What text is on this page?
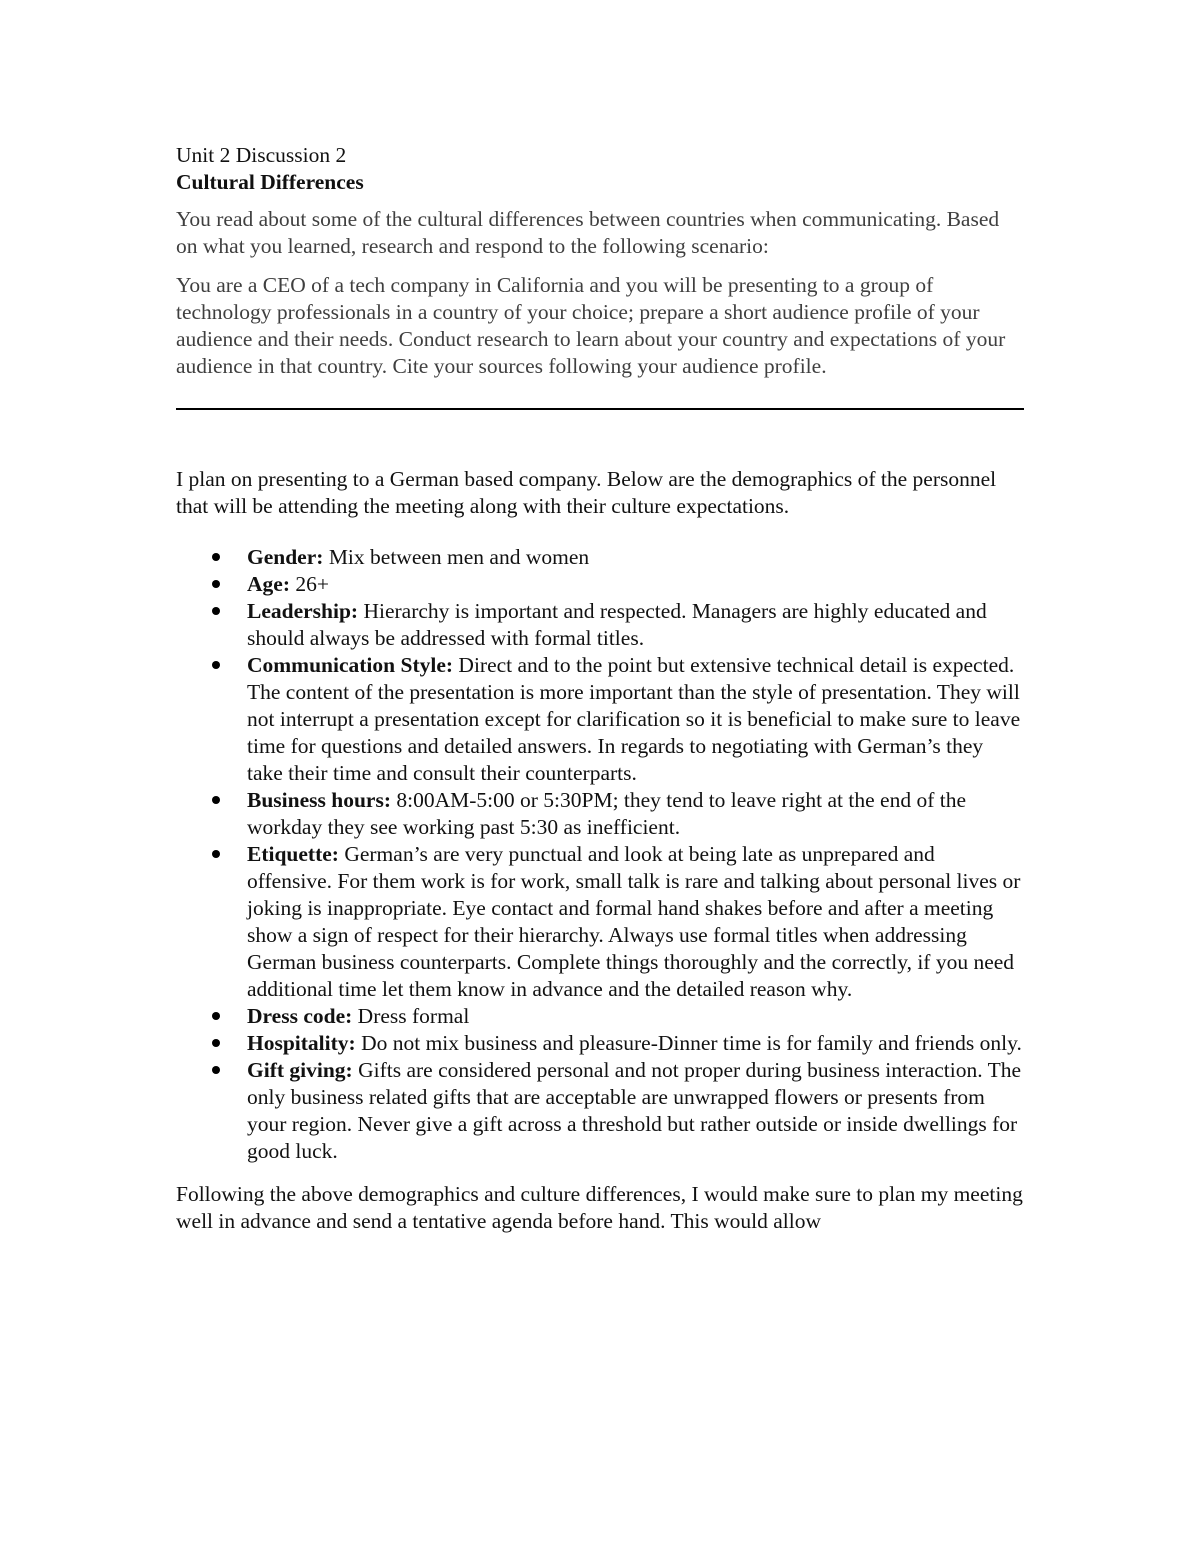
Unit 2 Discussion 2

Cultural Differences

You read about some of the cultural differences between countries when communicating. Based on what you learned, research and respond to the following scenario:

You are a CEO of a tech company in California and you will be presenting to a group of technology professionals in a country of your choice; prepare a short audience profile of your audience and their needs. Conduct research to learn about your country and expectations of your audience in that country. Cite your sources following your audience profile.

I plan on presenting to a German based company. Below are the demographics of the personnel that will be attending the meeting along with their culture expectations.

Gender: Mix between men and women
Age: 26+
Leadership: Hierarchy is important and respected. Managers are highly educated and should always be addressed with formal titles.
Communication Style: Direct and to the point but extensive technical detail is expected. The content of the presentation is more important than the style of presentation. They will not interrupt a presentation except for clarification so it is beneficial to make sure to leave time for questions and detailed answers. In regards to negotiating with German’s they take their time and consult their counterparts.
Business hours: 8:00AM-5:00 or 5:30PM; they tend to leave right at the end of the workday they see working past 5:30 as inefficient.
Etiquette: German’s are very punctual and look at being late as unprepared and offensive. For them work is for work, small talk is rare and talking about personal lives or joking is inappropriate. Eye contact and formal hand shakes before and after a meeting show a sign of respect for their hierarchy. Always use formal titles when addressing German business counterparts. Complete things thoroughly and the correctly, if you need additional time let them know in advance and the detailed reason why.
Dress code: Dress formal
Hospitality: Do not mix business and pleasure-Dinner time is for family and friends only.
Gift giving: Gifts are considered personal and not proper during business interaction. The only business related gifts that are acceptable are unwrapped flowers or presents from your region. Never give a gift across a threshold but rather outside or inside dwellings for good luck.

Following the above demographics and culture differences, I would make sure to plan my meeting well in advance and send a tentative agenda before hand. This would allow
